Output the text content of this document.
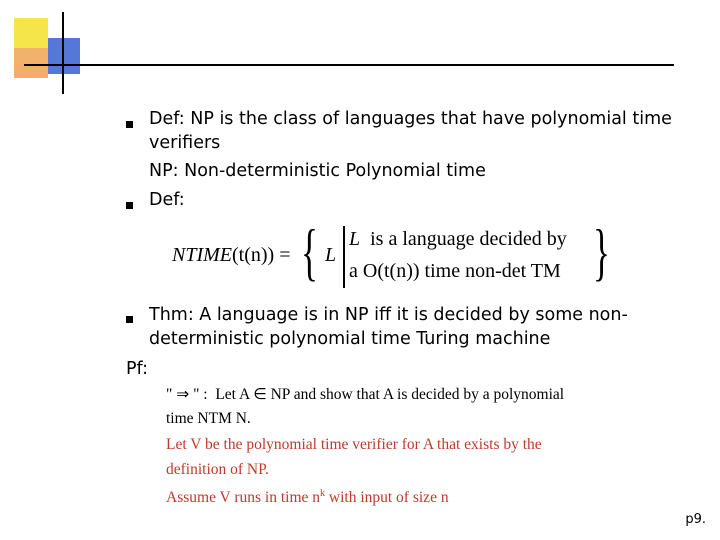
Def: NP is the class of languages that have polynomial time
verifiers
NP: Non-deterministic Polynomial time
Def:
NTIME(t(n)) = { L
L is a language decided by
a O(t(n)) time non-det TM }
Thm: A language is in NP iff it is decided by some non-
deterministic polynomial time Turing machine
Pf:
" ⇒ " : Let A ∈ NP and show that A is decided by a polynomial
time NTM N.
Let V be the polynomial time verifier for A that exists by the
definition of NP.
Assume V runs in time $n^k$ with input of size n
p9.
